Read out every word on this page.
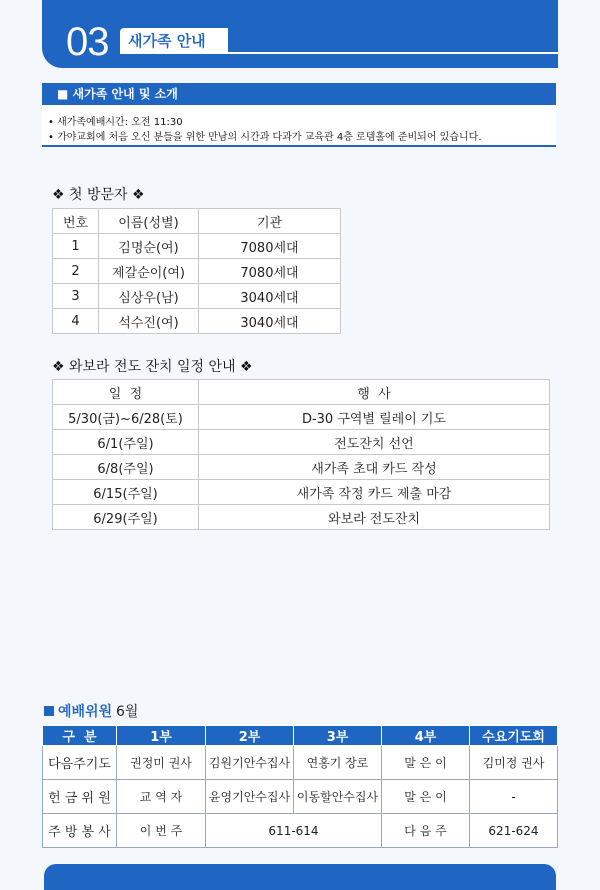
03 새가족 안내
■ 새가족 안내 및 소개
• 새가족예배시간: 오전 11:30
• 가야교회에 처음 오신 분들을 위한 만남의 시간과 다과가 교육관 4층 로뎀홀에 준비되어 있습니다.
❖ 첫 방문자 ❖
번호	이름(성별)	기관
1	김명순(여)	7080세대
2	제갈순이(여)	7080세대
3	심상우(남)	3040세대
4	석수진(여)	3040세대
❖ 와보라 전도 잔치 일정 안내 ❖
일  정	행  사
5/30(금)~6/28(토)	D-30 구역별 릴레이 기도
6/1(주일)	전도잔치 선언
6/8(주일)	새가족 초대 카드 작성
6/15(주일)	새가족 작정 카드 제출 마감
6/29(주일)	와보라 전도잔치
예배위원 6월
구  분	1부	2부	3부	4부	수요기도회
다음주기도	권정미 권사	김원기안수집사	연홍기 장로	말 은 이	김미정 권사
헌 금 위 원	교 역 자	윤영기안수집사	이동할안수집사	말 은 이	-
주 방 봉 사	이 번 주	611-614		다 음 주	621-624
